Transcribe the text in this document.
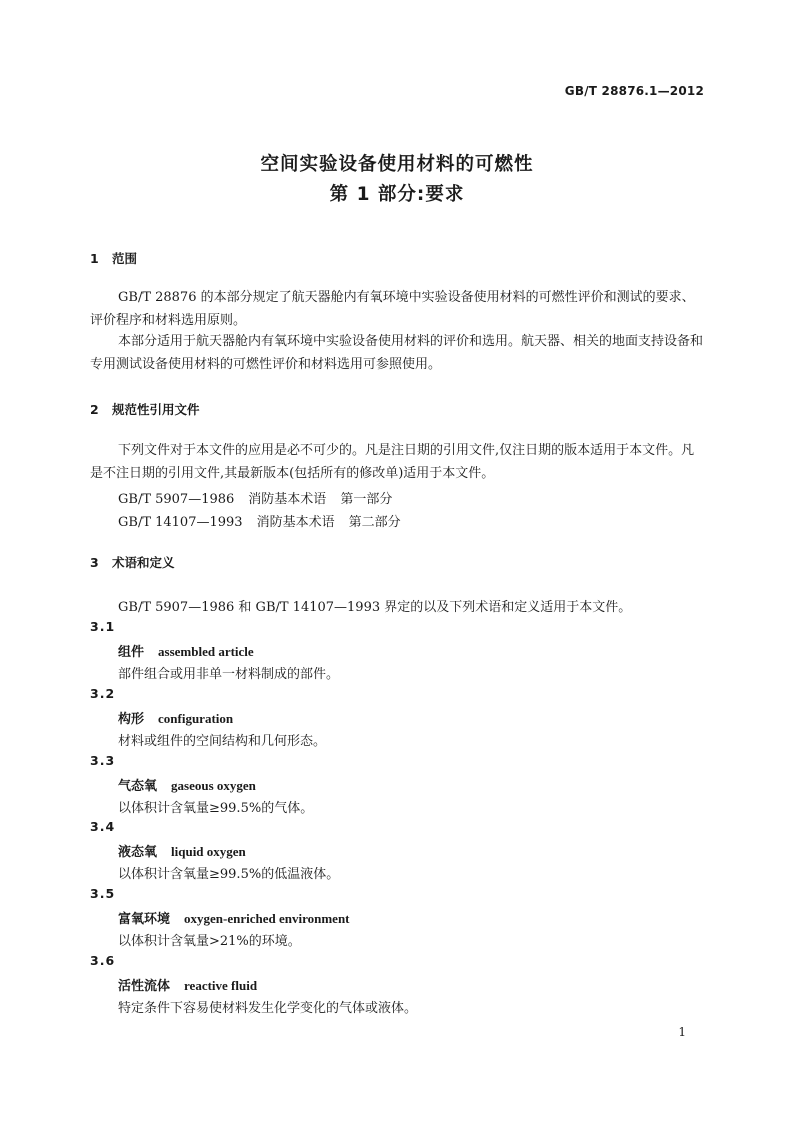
GB/T 28876.1—2012
空间实验设备使用材料的可燃性
第 1 部分:要求
1 范围
GB/T 28876 的本部分规定了航天器舱内有氧环境中实验设备使用材料的可燃性评价和测试的要求、评价程序和材料选用原则。
本部分适用于航天器舱内有氧环境中实验设备使用材料的评价和选用。航天器、相关的地面支持设备和专用测试设备使用材料的可燃性评价和材料选用可参照使用。
2 规范性引用文件
下列文件对于本文件的应用是必不可少的。凡是注日期的引用文件,仅注日期的版本适用于本文件。凡是不注日期的引用文件,其最新版本(包括所有的修改单)适用于本文件。
GB/T 5907—1986 消防基本术语 第一部分
GB/T 14107—1993 消防基本术语 第二部分
3 术语和定义
GB/T 5907—1986 和 GB/T 14107—1993 界定的以及下列术语和定义适用于本文件。
3.1
组件 assembled article
部件组合或用非单一材料制成的部件。
3.2
构形 configuration
材料或组件的空间结构和几何形态。
3.3
气态氧 gaseous oxygen
以体积计含氧量≥99.5%的气体。
3.4
液态氧 liquid oxygen
以体积计含氧量≥99.5%的低温液体。
3.5
富氧环境 oxygen-enriched environment
以体积计含氧量>21%的环境。
3.6
活性流体 reactive fluid
特定条件下容易使材料发生化学变化的气体或液体。
1
